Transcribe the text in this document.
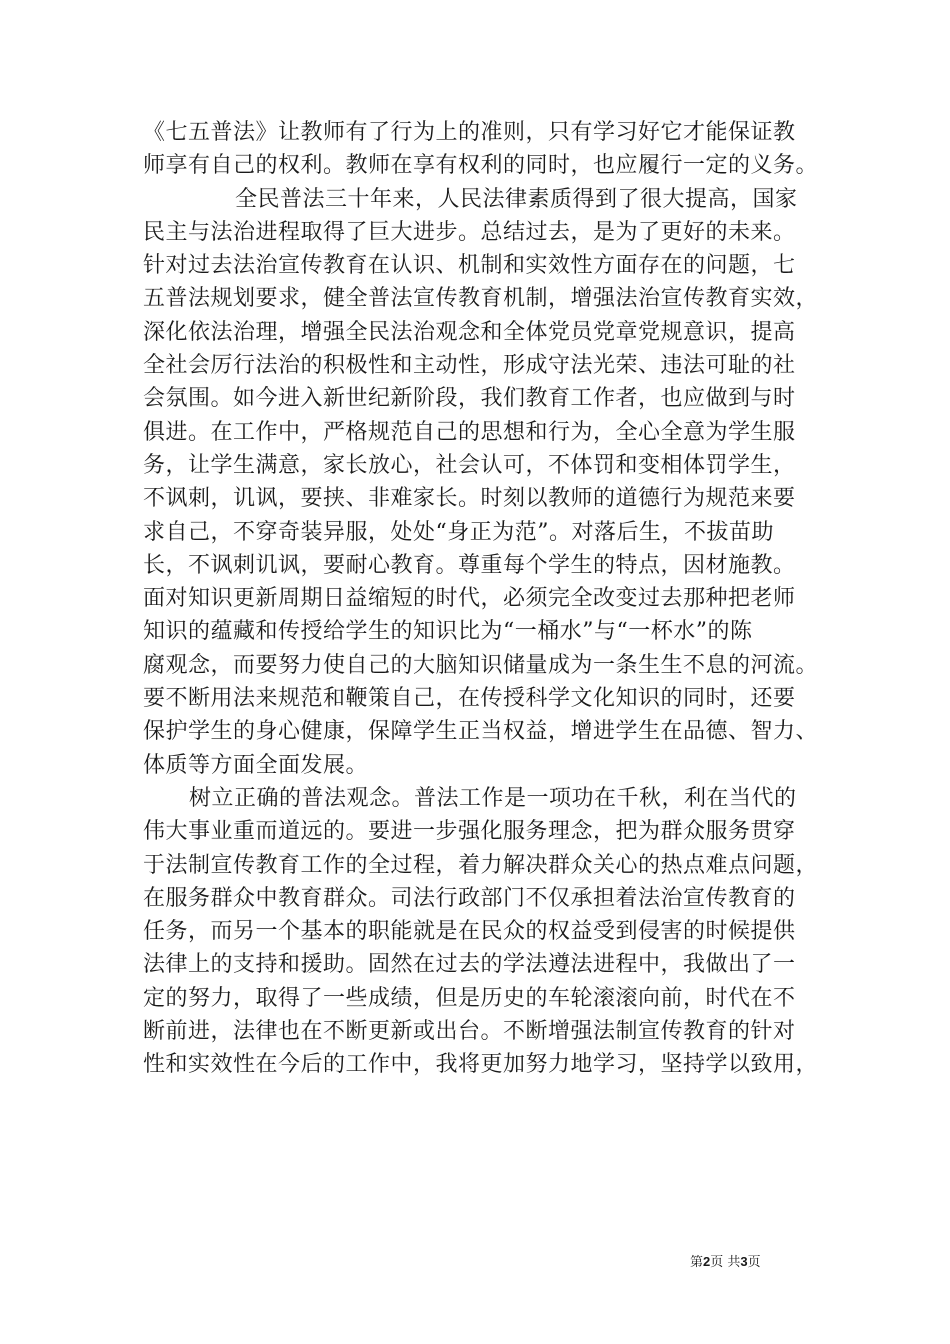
《七五普法》让教师有了行为上的准则，只有学习好它才能保证教
师享有自己的权利。教师在享有权利的同时，也应履行一定的义务。
全民普法三十年来，人民法律素质得到了很大提高，国家
民主与法治进程取得了巨大进步。总结过去，是为了更好的未来。
针对过去法治宣传教育在认识、机制和实效性方面存在的问题，七
五普法规划要求，健全普法宣传教育机制，增强法治宣传教育实效，
深化依法治理，增强全民法治观念和全体党员党章党规意识，提高
全社会厉行法治的积极性和主动性，形成守法光荣、违法可耻的社
会氛围。如今进入新世纪新阶段，我们教育工作者，也应做到与时
俱进。在工作中，严格规范自己的思想和行为，全心全意为学生服
务，让学生满意，家长放心，社会认可，不体罚和变相体罚学生，
不讽刺，讥讽，要挟、非难家长。时刻以教师的道德行为规范来要
求自己，不穿奇装异服，处处“身正为范”。对落后生，不拔苗助
长，不讽刺讥讽，要耐心教育。尊重每个学生的特点，因材施教。
面对知识更新周期日益缩短的时代，必须完全改变过去那种把老师
知识的蕴藏和传授给学生的知识比为“一桶水”与“一杯水”的陈
腐观念，而要努力使自己的大脑知识储量成为一条生生不息的河流。
要不断用法来规范和鞭策自己，在传授科学文化知识的同时，还要
保护学生的身心健康，保障学生正当权益，增进学生在品德、智力、
体质等方面全面发展。
树立正确的普法观念。普法工作是一项功在千秋，利在当代的
伟大事业重而道远的。要进一步强化服务理念，把为群众服务贯穿
于法制宣传教育工作的全过程，着力解决群众关心的热点难点问题，
在服务群众中教育群众。司法行政部门不仅承担着法治宣传教育的
任务，而另一个基本的职能就是在民众的权益受到侵害的时候提供
法律上的支持和援助。固然在过去的学法遵法进程中，我做出了一
定的努力，取得了一些成绩，但是历史的车轮滚滚向前，时代在不
断前进，法律也在不断更新或出台。不断增强法制宣传教育的针对
性和实效性在今后的工作中，我将更加努力地学习，坚持学以致用，
第2页 共3页
